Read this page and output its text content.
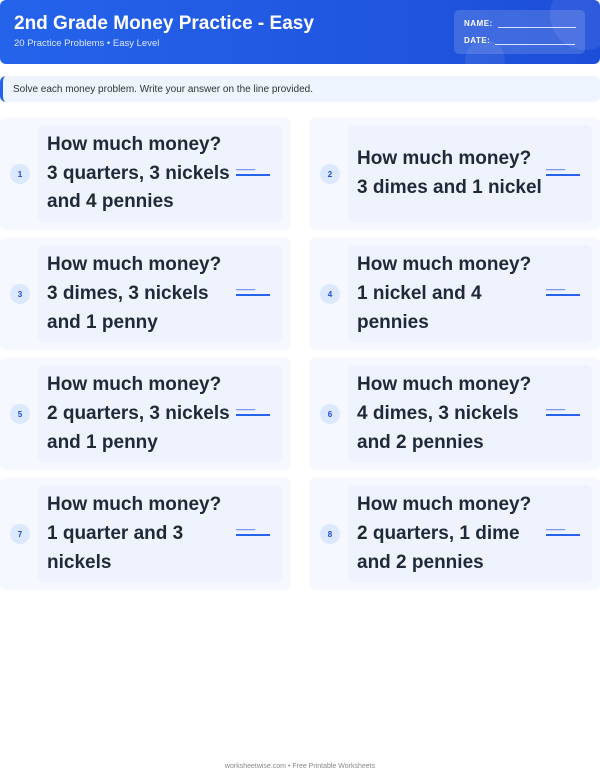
2nd Grade Money Practice - Easy
20 Practice Problems • Easy Level
NAME:
DATE:
Solve each money problem. Write your answer on the line provided.
1
How much money? 3 quarters, 3 nickels and 4 pennies
____
2
How much money? 3 dimes and 1 nickel
____
3
How much money? 3 dimes, 3 nickels and 1 penny
____
4
How much money? 1 nickel and 4 pennies
____
5
How much money? 2 quarters, 3 nickels and 1 penny
____
6
How much money? 4 dimes, 3 nickels and 2 pennies
____
7
How much money? 1 quarter and 3 nickels
____
8
How much money? 2 quarters, 1 dime and 2 pennies
____
worksheetwise.com • Free Printable Worksheets
